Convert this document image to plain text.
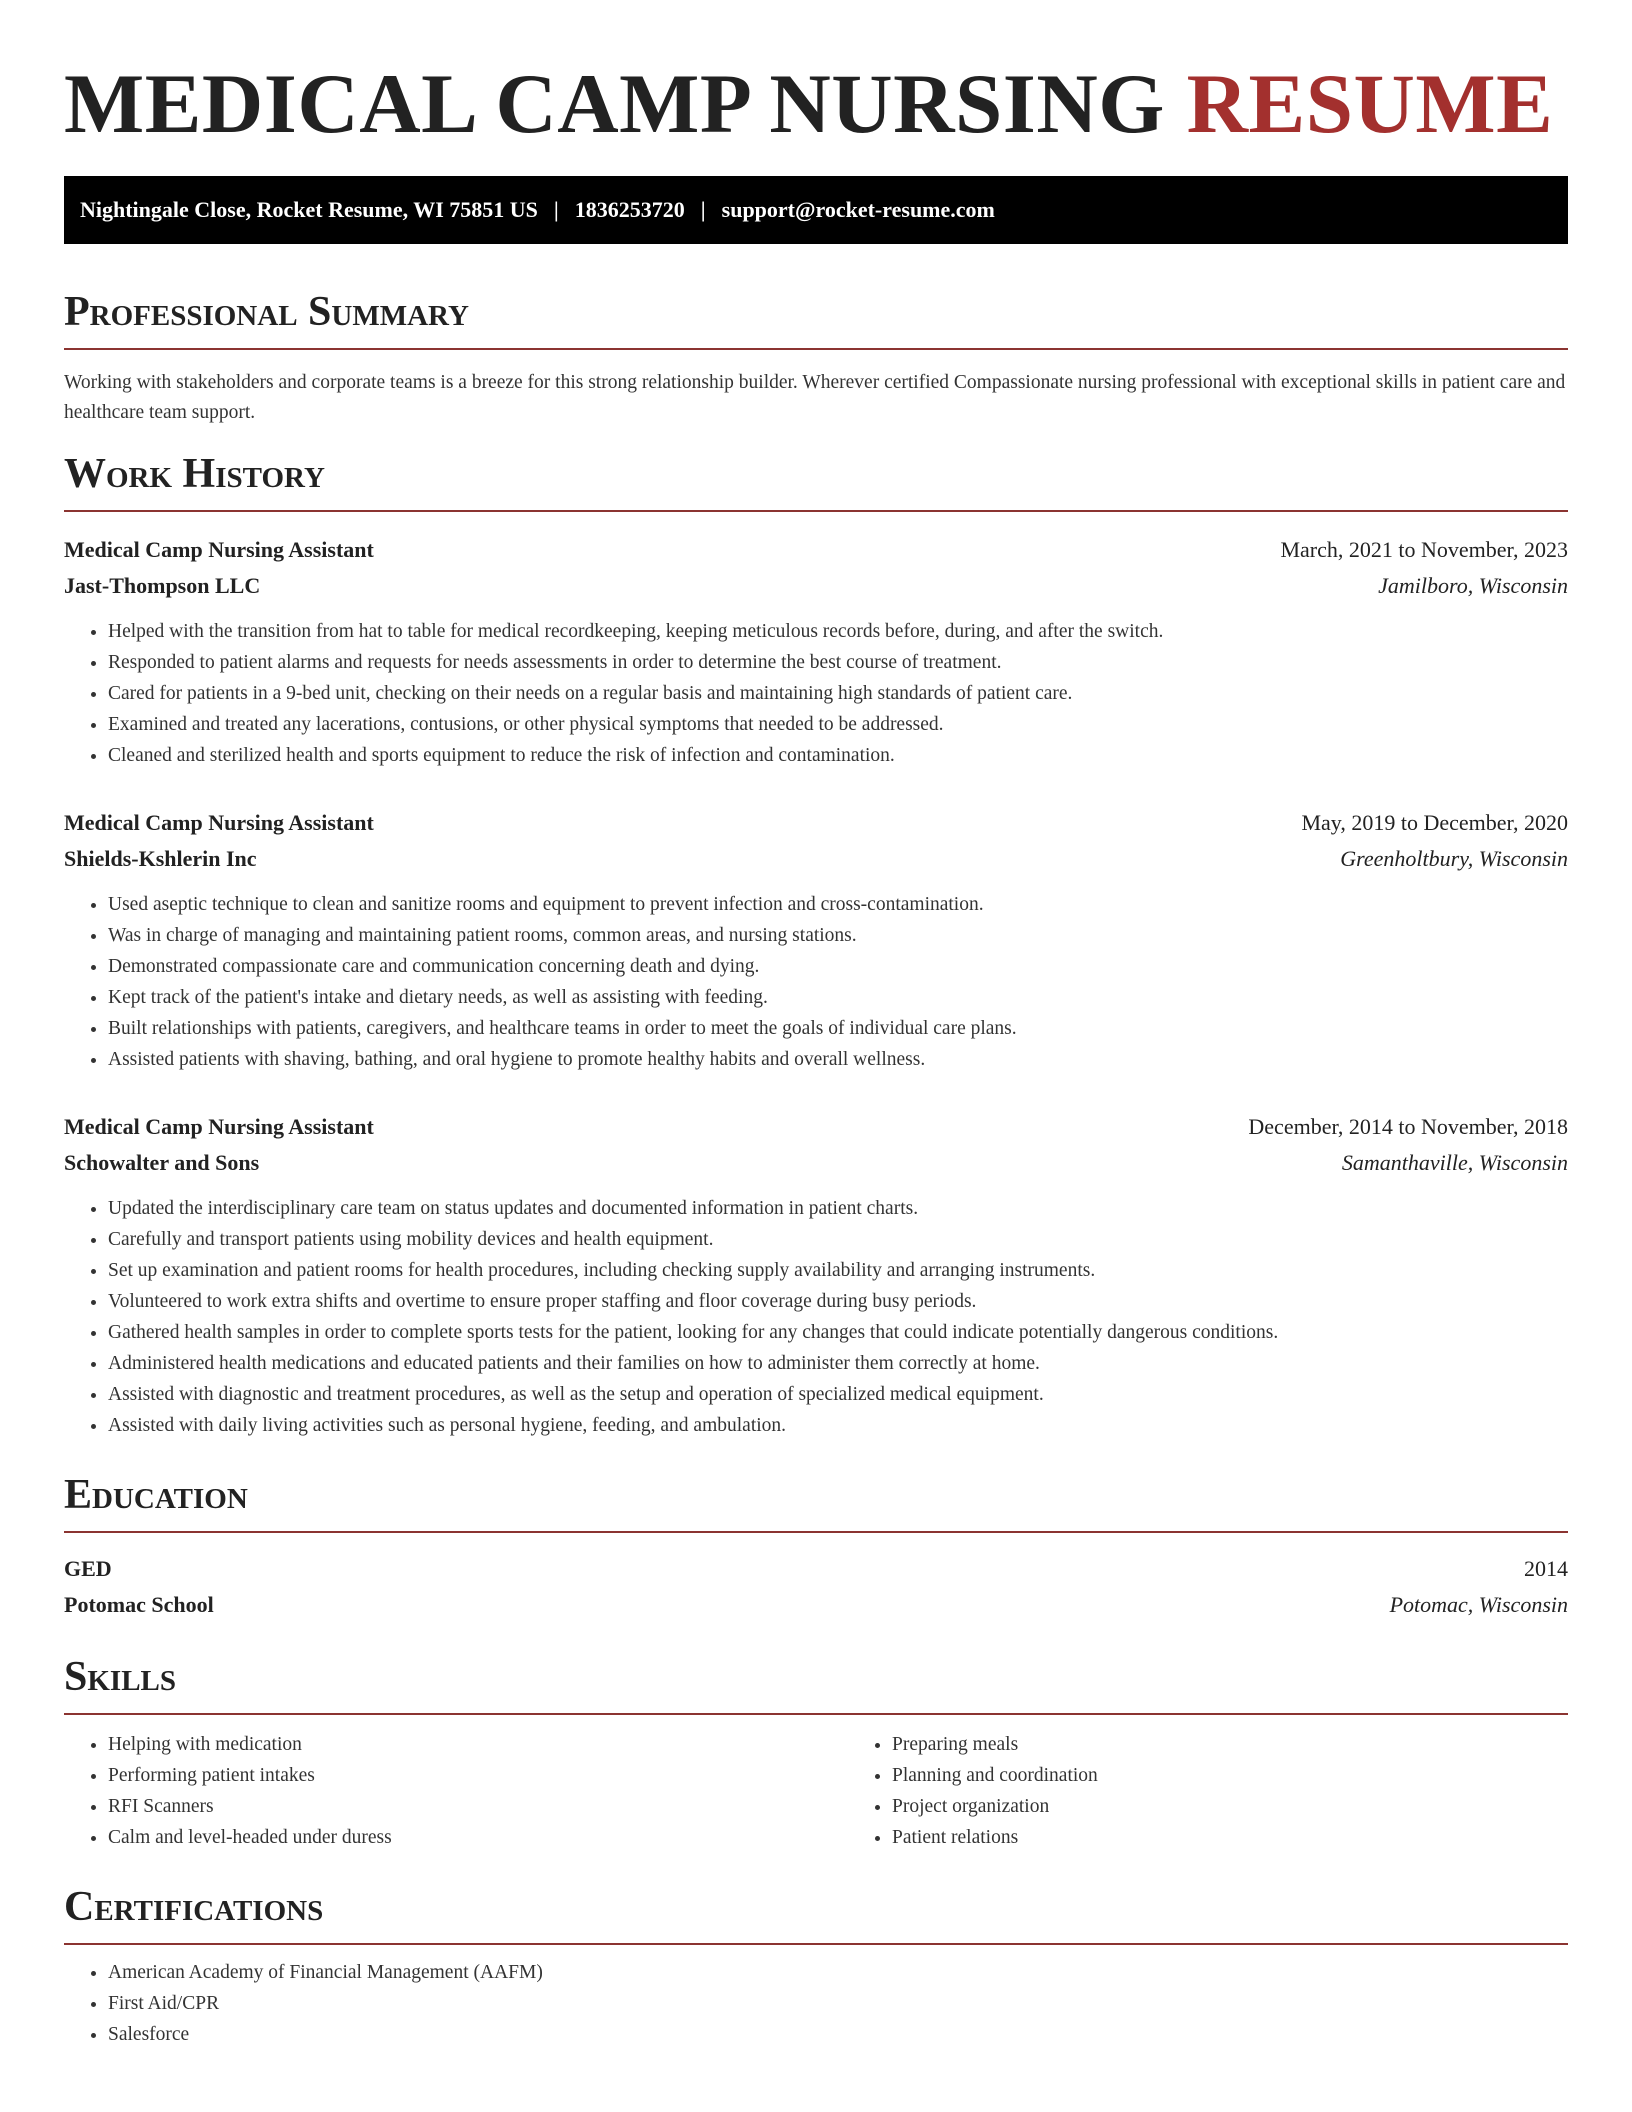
MEDICAL CAMP NURSING RESUME
Nightingale Close, Rocket Resume, WI 75851 US | 1836253720 | support@rocket-resume.com
Professional Summary

Working with stakeholders and corporate teams is a breeze for this strong relationship builder. Wherever certified Compassionate nursing professional with exceptional skills in patient care and healthcare team support.

Work History
Medical Camp Nursing Assistant	March, 2021 to November, 2023
Jast-Thompson LLC	Jamilboro, Wisconsin
• Helped with the transition from hat to table for medical recordkeeping, keeping meticulous records before, during, and after the switch.
• Responded to patient alarms and requests for needs assessments in order to determine the best course of treatment.
• Cared for patients in a 9-bed unit, checking on their needs on a regular basis and maintaining high standards of patient care.
• Examined and treated any lacerations, contusions, or other physical symptoms that needed to be addressed.
• Cleaned and sterilized health and sports equipment to reduce the risk of infection and contamination.
Medical Camp Nursing Assistant	May, 2019 to December, 2020
Shields-Kshlerin Inc	Greenholtbury, Wisconsin
• Used aseptic technique to clean and sanitize rooms and equipment to prevent infection and cross-contamination.
• Was in charge of managing and maintaining patient rooms, common areas, and nursing stations.
• Demonstrated compassionate care and communication concerning death and dying.
• Kept track of the patient's intake and dietary needs, as well as assisting with feeding.
• Built relationships with patients, caregivers, and healthcare teams in order to meet the goals of individual care plans.
• Assisted patients with shaving, bathing, and oral hygiene to promote healthy habits and overall wellness.
Medical Camp Nursing Assistant	December, 2014 to November, 2018
Schowalter and Sons	Samanthaville, Wisconsin
• Updated the interdisciplinary care team on status updates and documented information in patient charts.
• Carefully and transport patients using mobility devices and health equipment.
• Set up examination and patient rooms for health procedures, including checking supply availability and arranging instruments.
• Volunteered to work extra shifts and overtime to ensure proper staffing and floor coverage during busy periods.
• Gathered health samples in order to complete sports tests for the patient, looking for any changes that could indicate potentially dangerous conditions.
• Administered health medications and educated patients and their families on how to administer them correctly at home.
• Assisted with diagnostic and treatment procedures, as well as the setup and operation of specialized medical equipment.
• Assisted with daily living activities such as personal hygiene, feeding, and ambulation.
Education
GED	2014
Potomac School	Potomac, Wisconsin
Skills
• Helping with medication
• Performing patient intakes
• RFI Scanners
• Calm and level-headed under duress
• Preparing meals
• Planning and coordination
• Project organization
• Patient relations
Certifications
• American Academy of Financial Management (AAFM)
• First Aid/CPR
• Salesforce
